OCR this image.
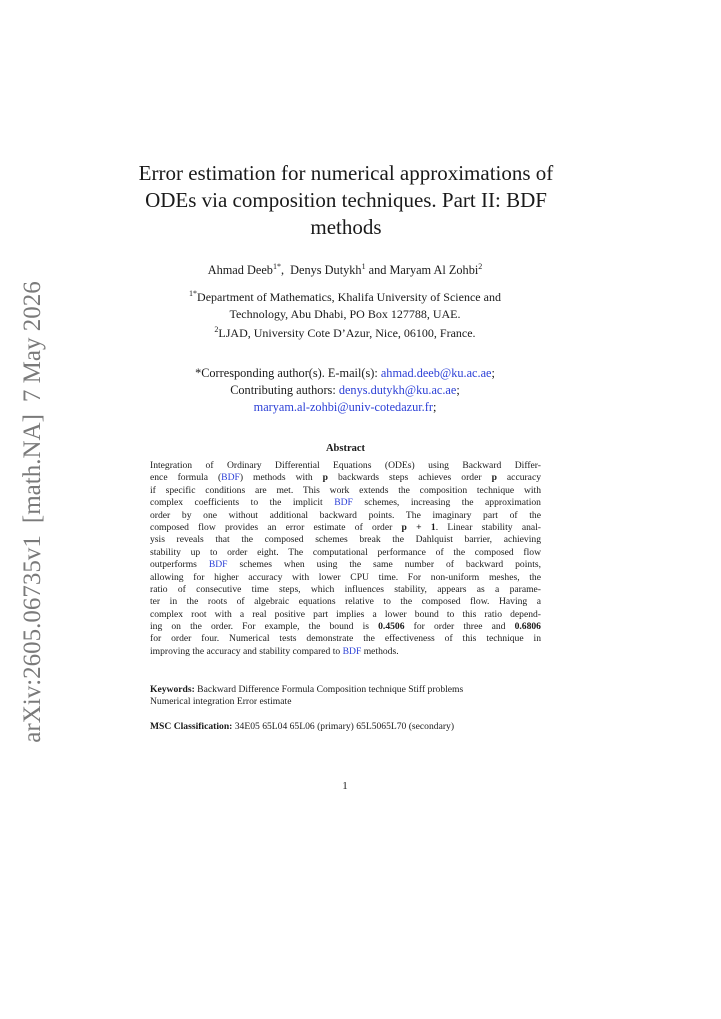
arXiv:2605.06735v1[math.NA]7 May 2026
Error estimation for numerical approximations of
ODEs via composition techniques. Part II: BDF
methods
Ahmad Deeb$^{1*}$,  Denys Dutykh$^1$ and Maryam Al Zohbi$^2$
$^{1*}$Department of Mathematics, Khalifa University of Science and
Technology, Abu Dhabi, PO Box 127788, UAE.
$^2$LJAD, University Cote D’Azur, Nice, 06100, France.
*Corresponding author(s). E-mail(s): ahmad.deeb@ku.ac.ae;
Contributing authors: denys.dutykh@ku.ac.ae;
maryam.al-zohbi@univ-cotedazur.fr;
Abstract
Integration of Ordinary Differential Equations (ODEs) using Backward Differ-
ence formula (BDF) methods with p backwards steps achieves order p accuracy
if specific conditions are met. This work extends the composition technique with
complex coefficients to the implicit BDF schemes, increasing the approximation
order by one without additional backward points. The imaginary part of the
composed flow provides an error estimate of order p + 1. Linear stability anal-
ysis reveals that the composed schemes break the Dahlquist barrier, achieving
stability up to order eight. The computational performance of the composed flow
outperforms BDF schemes when using the same number of backward points,
allowing for higher accuracy with lower CPU time. For non-uniform meshes, the
ratio of consecutive time steps, which influences stability, appears as a parame-
ter in the roots of algebraic equations relative to the composed flow. Having a
complex root with a real positive part implies a lower bound to this ratio depend-
ing on the order. For example, the bound is 0.4506 for order three and 0.6806
for order four. Numerical tests demonstrate the effectiveness of this technique in
improving the accuracy and stability compared to BDF methods.
Keywords: Backward Difference Formula Composition technique Stiff problems
Numerical integration Error estimate
MSC Classification: 34E05 65L04 65L06 (primary) 65L5065L70 (secondary)
1
